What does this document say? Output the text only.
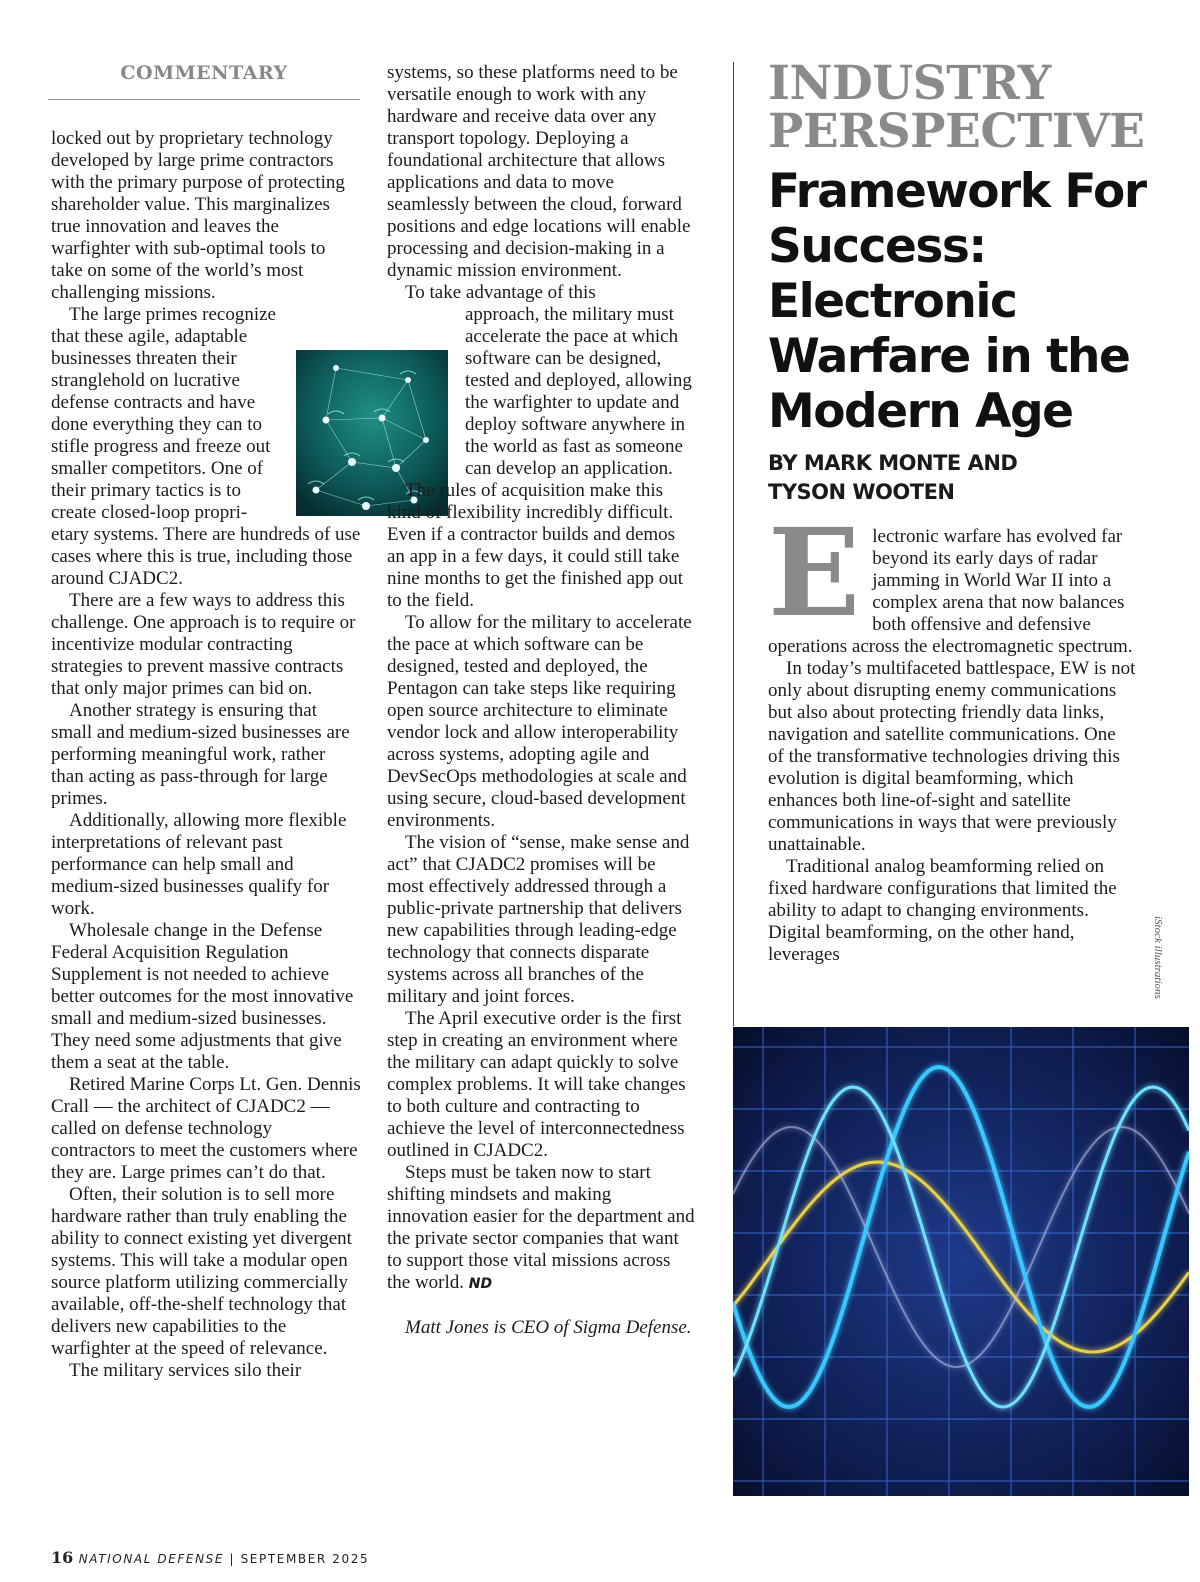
COMMENTARY

locked out by proprietary technology developed by large prime contractors with the primary purpose of protecting shareholder value. This marginalizes true innovation and leaves the warfighter with sub-optimal tools to take on some of the world’s most challenging missions.

The large primes recognize that these agile, adaptable businesses threaten their stranglehold on lucrative defense contracts and have done everything they can to stifle progress and freeze out smaller competitors. One of their primary tactics is to create closed-loop propri-

etary systems. There are hundreds of use cases where this is true, including those around CJADC2.

There are a few ways to address this challenge. One approach is to require or incentivize modular contracting strategies to prevent massive contracts that only major primes can bid on.

Another strategy is ensuring that small and medium-sized businesses are performing meaningful work, rather than acting as pass-through for large primes.

Additionally, allowing more flexible interpretations of relevant past performance can help small and medium-sized businesses qualify for work.

Wholesale change in the Defense Federal Acquisition Regulation Supplement is not needed to achieve better outcomes for the most innovative small and medium-sized businesses. They need some adjustments that give them a seat at the table.

Retired Marine Corps Lt. Gen. Dennis Crall — the architect of CJADC2 — called on defense technology contractors to meet the customers where they are. Large primes can’t do that.

Often, their solution is to sell more hardware rather than truly enabling the ability to connect existing yet divergent systems. This will take a modular open source platform utilizing commercially available, off-the-shelf technology that delivers new capabilities to the warfighter at the speed of relevance.

The military services silo their

systems, so these platforms need to be versatile enough to work with any hardware and receive data over any transport topology. Deploying a foundational architecture that allows applications and data to move seamlessly between the cloud, forward positions and edge locations will enable processing and decision-making in a dynamic mission environment.

To take advantage of this

approach, the military must accelerate the pace at which software can be designed, tested and deployed, allowing the warfighter to update and deploy software anywhere in the world as fast as someone can develop an application.

The rules of acquisition make this kind of flexibility incredibly difficult. Even if a contractor builds and demos an app in a few days, it could still take nine months to get the finished app out to the field.

To allow for the military to accelerate the pace at which software can be designed, tested and deployed, the Pentagon can take steps like requiring open source architecture to eliminate vendor lock and allow interoperability across systems, adopting agile and DevSecOps methodologies at scale and using secure, cloud-based development environments.

The vision of “sense, make sense and act” that CJADC2 promises will be most effectively addressed through a public-private partnership that delivers new capabilities through leading-edge technology that connects disparate systems across all branches of the military and joint forces.

The April executive order is the first step in creating an environment where the military can adapt quickly to solve complex problems. It will take changes to both culture and contracting to achieve the level of interconnectedness outlined in CJADC2.

Steps must be taken now to start shifting mindsets and making innovation easier for the department and the private sector companies that want to support those vital missions across the world. ND

Matt Jones is CEO of Sigma Defense.

INDUSTRY
PERSPECTIVE
Framework For Success: Electronic Warfare in the Modern Age
BY MARK MONTE AND
TYSON WOOTEN

Electronic warfare has evolved far beyond its early days of radar jamming in World War II into a complex arena that now balances both offensive and defensive operations across the electromagnetic spectrum.

In today’s multifaceted battlespace, EW is not only about disrupting enemy communications but also about protecting friendly data links, navigation and satellite communications. One of the transformative technologies driving this evolution is digital beamforming, which enhances both line-of-sight and satellite communications in ways that were previously unattainable.

Traditional analog beamforming relied on fixed hardware configurations that limited the ability to adapt to changing environments. Digital beamforming, on the other hand, leverages	iStock illustrations
16 NATIONAL DEFENSE | SEPTEMBER 2025
